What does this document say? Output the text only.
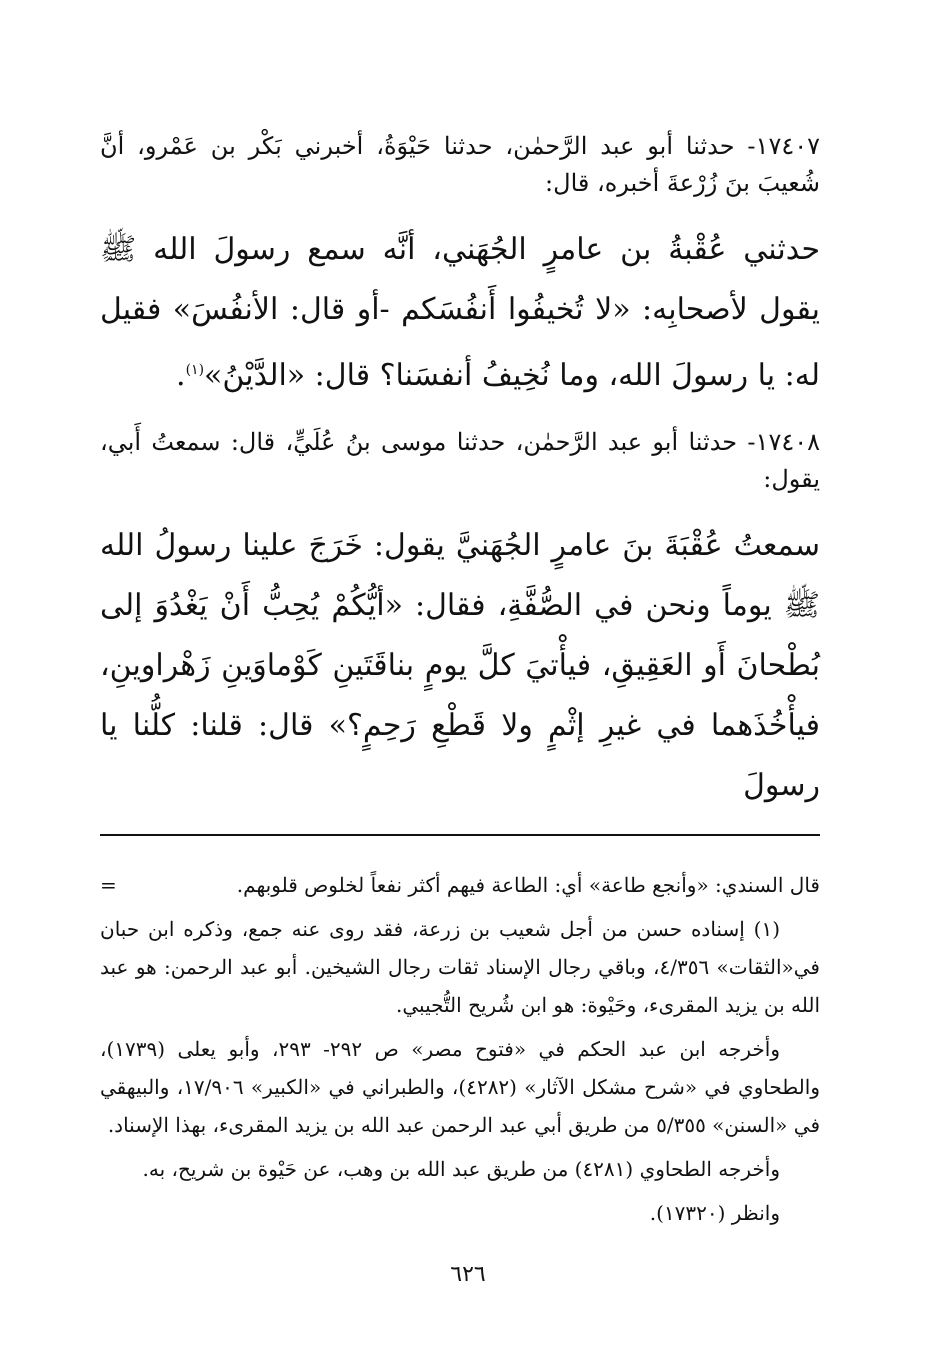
١٧٤٠٧- حدثنا أبو عبد الرَّحمٰن، حدثنا حَيْوَةُ، أخبرني بَكْر بن عَمْرو، أنَّ شُعيبَ بنَ زُرْعةَ أخبره، قال:

حدثني عُقْبةُ بن عامرٍ الجُهَني، أنَّه سمع رسولَ الله ﷺ يقول لأصحابِه: «لا تُخيفُوا أَنفُسَكم -أو قال: الأنفُسَ» فقيل له: يا رسولَ الله، وما نُخِيفُ أنفسَنا؟ قال: «الدَّيْنُ»$^{(١)}$.

١٧٤٠٨- حدثنا أبو عبد الرَّحمٰن، حدثنا موسى بنُ عُلَيٍّ، قال: سمعتُ أَبي، يقول:

سمعتُ عُقْبَةَ بنَ عامرٍ الجُهَنيَّ يقول: خَرَجَ علينا رسولُ الله ﷺ يوماً ونحن في الصُّفَّةِ، فقال: «أيُّكُمْ يُحِبُّ أَنْ يَغْدُوَ إلى بُطْحانَ أَو العَقِيقِ، فيأْتيَ كلَّ يومٍ بناقَتَينِ كَوْماوَينِ زَهْراوينِ، فيأْخُذَهما في غيرِ إثْمٍ ولا قَطْعِ رَحِمٍ؟» قال: قلنا: كلُّنا يا رسولَ

قال السندي: «وأنجع طاعة» أي: الطاعة فيهم أكثر نفعاً لخلوص قلوبهم.
=

(١) إسناده حسن من أجل شعيب بن زرعة، فقد روى عنه جمع، وذكره ابن حبان في«الثقات» ٤/٣٥٦، وباقي رجال الإسناد ثقات رجال الشيخين. أبو عبد الرحمن: هو عبد الله بن يزيد المقرىء، وحَيْوة: هو ابن شُريح التُّجيبي.

وأخرجه ابن عبد الحكم في «فتوح مصر» ص ٢٩٢- ٢٩٣، وأبو يعلى (١٧٣٩)، والطحاوي في «شرح مشكل الآثار» (٤٢٨٢)، والطبراني في «الكبير» ١٧/٩٠٦، والبيهقي في «السنن» ٥/٣٥٥ من طريق أبي عبد الرحمن عبد الله بن يزيد المقرىء، بهذا الإسناد.

وأخرجه الطحاوي (٤٢٨١) من طريق عبد الله بن وهب، عن حَيْوة بن شريح، به.

وانظر (١٧٣٢٠).

٦٢٦
